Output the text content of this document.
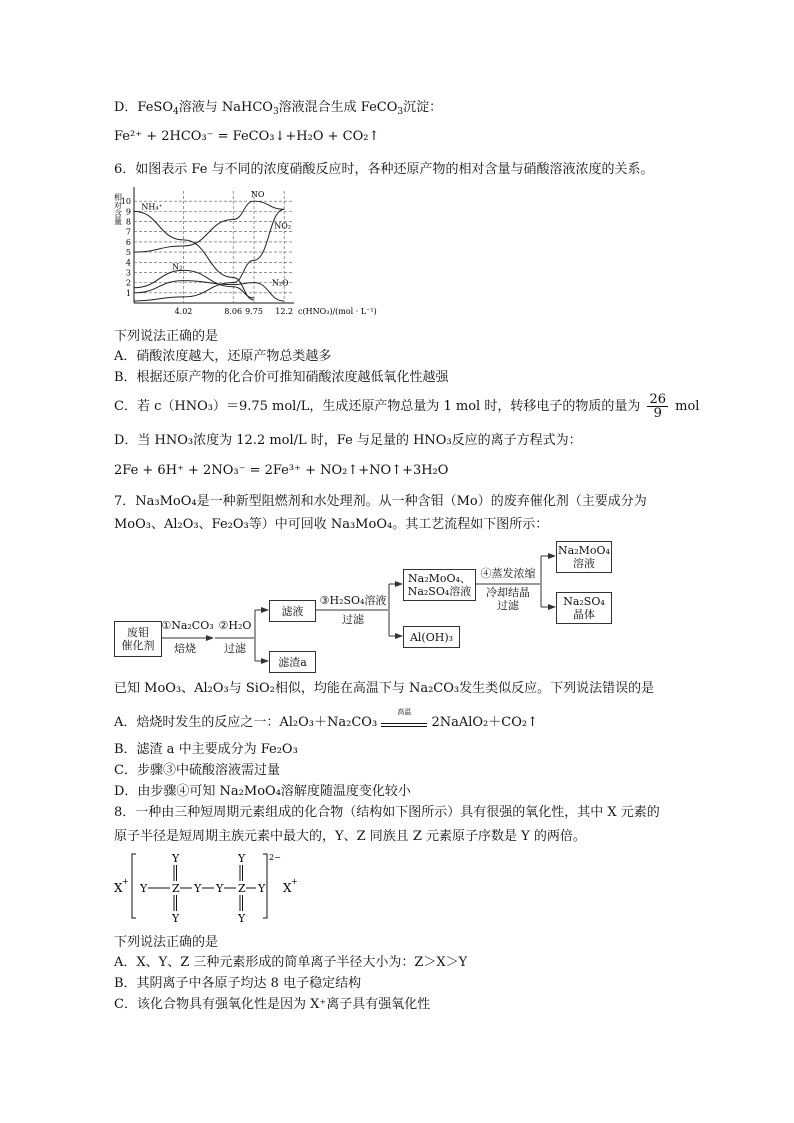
D．FeSO$_4$溶液与 NaHCO$_3$溶液混合生成 FeCO$_3$沉淀：
Fe²⁺ + 2HCO₃⁻ = FeCO₃↓+H₂O + CO₂↑
6．如图表示 Fe 与不同的浓度硝酸反应时，各种还原产物的相对含量与硝酸溶液浓度的关系。
1
2
3
4
5
6
7
8
9
10
4.02	8.06 9.75 12.2 c(HNO₃)/(mol · L⁻¹)
相对含量 NH₄⁺
NO
NO₂
N₂
N₂O
下列说法正确的是
A．硝酸浓度越大，还原产物总类越多
B．根据还原产物的化合价可推知硝酸浓度越低氧化性越强
C．若 c（HNO₃）＝9.75 mol/L，生成还原产物总量为 1 mol 时，转移电子的物质的量为 $\frac{26}{9}$ mol
D．当 HNO₃浓度为 12.2 mol/L 时，Fe 与足量的 HNO₃反应的离子方程式为：
2Fe + 6H⁺ + 2NO₃⁻ = 2Fe³⁺ + NO₂↑+NO↑+3H₂O
7．Na₃MoO₄是一种新型阻燃剂和水处理剂。从一种含钼（Mo）的废弃催化剂（主要成分为
MoO₃、Al₂O₃、Fe₂O₃等）中可回收 Na₃MoO₄。其工艺流程如下图所示：
废钼
催化剂
①Na₂CO₃
焙烧
②H₂O
过滤
滤液
滤渣a
③H₂SO₄溶液
过滤
Na₂MoO₄、
Na₂SO₄溶液
Al(OH)₃
④蒸发浓缩
冷却结晶
过滤
Na₂MoO₄
溶液
Na₂SO₄
晶体
已知 MoO₃、Al₂O₃与 SiO₂相似，均能在高温下与 Na₂CO₃发生类似反应。下列说法错误的是
A．焙烧时发生的反应之一：Al₂O₃＋Na₂CO₃
高温
2NaAlO₂＋CO₂↑
B．滤渣 a 中主要成分为 Fe₂O₃
C．步骤③中硫酸溶液需过量
D．由步骤④可知 Na₂MoO₄溶解度随温度变化较小
8．一种由三种短周期元素组成的化合物（结构如下图所示）具有很强的氧化性，其中 X 元素的
原子半径是短周期主族元素中最大的，Y、Z 同族且 Z 元素原子序数是 Y 的两倍。
X +
2−
X +
Y Z Y Y Z Y
Y
Y
Y
Y
下列说法正确的是
A．X、Y、Z 三种元素形成的简单离子半径大小为：Z＞X＞Y
B．其阴离子中各原子均达 8 电子稳定结构
C．该化合物具有强氧化性是因为 X⁺离子具有强氧化性
